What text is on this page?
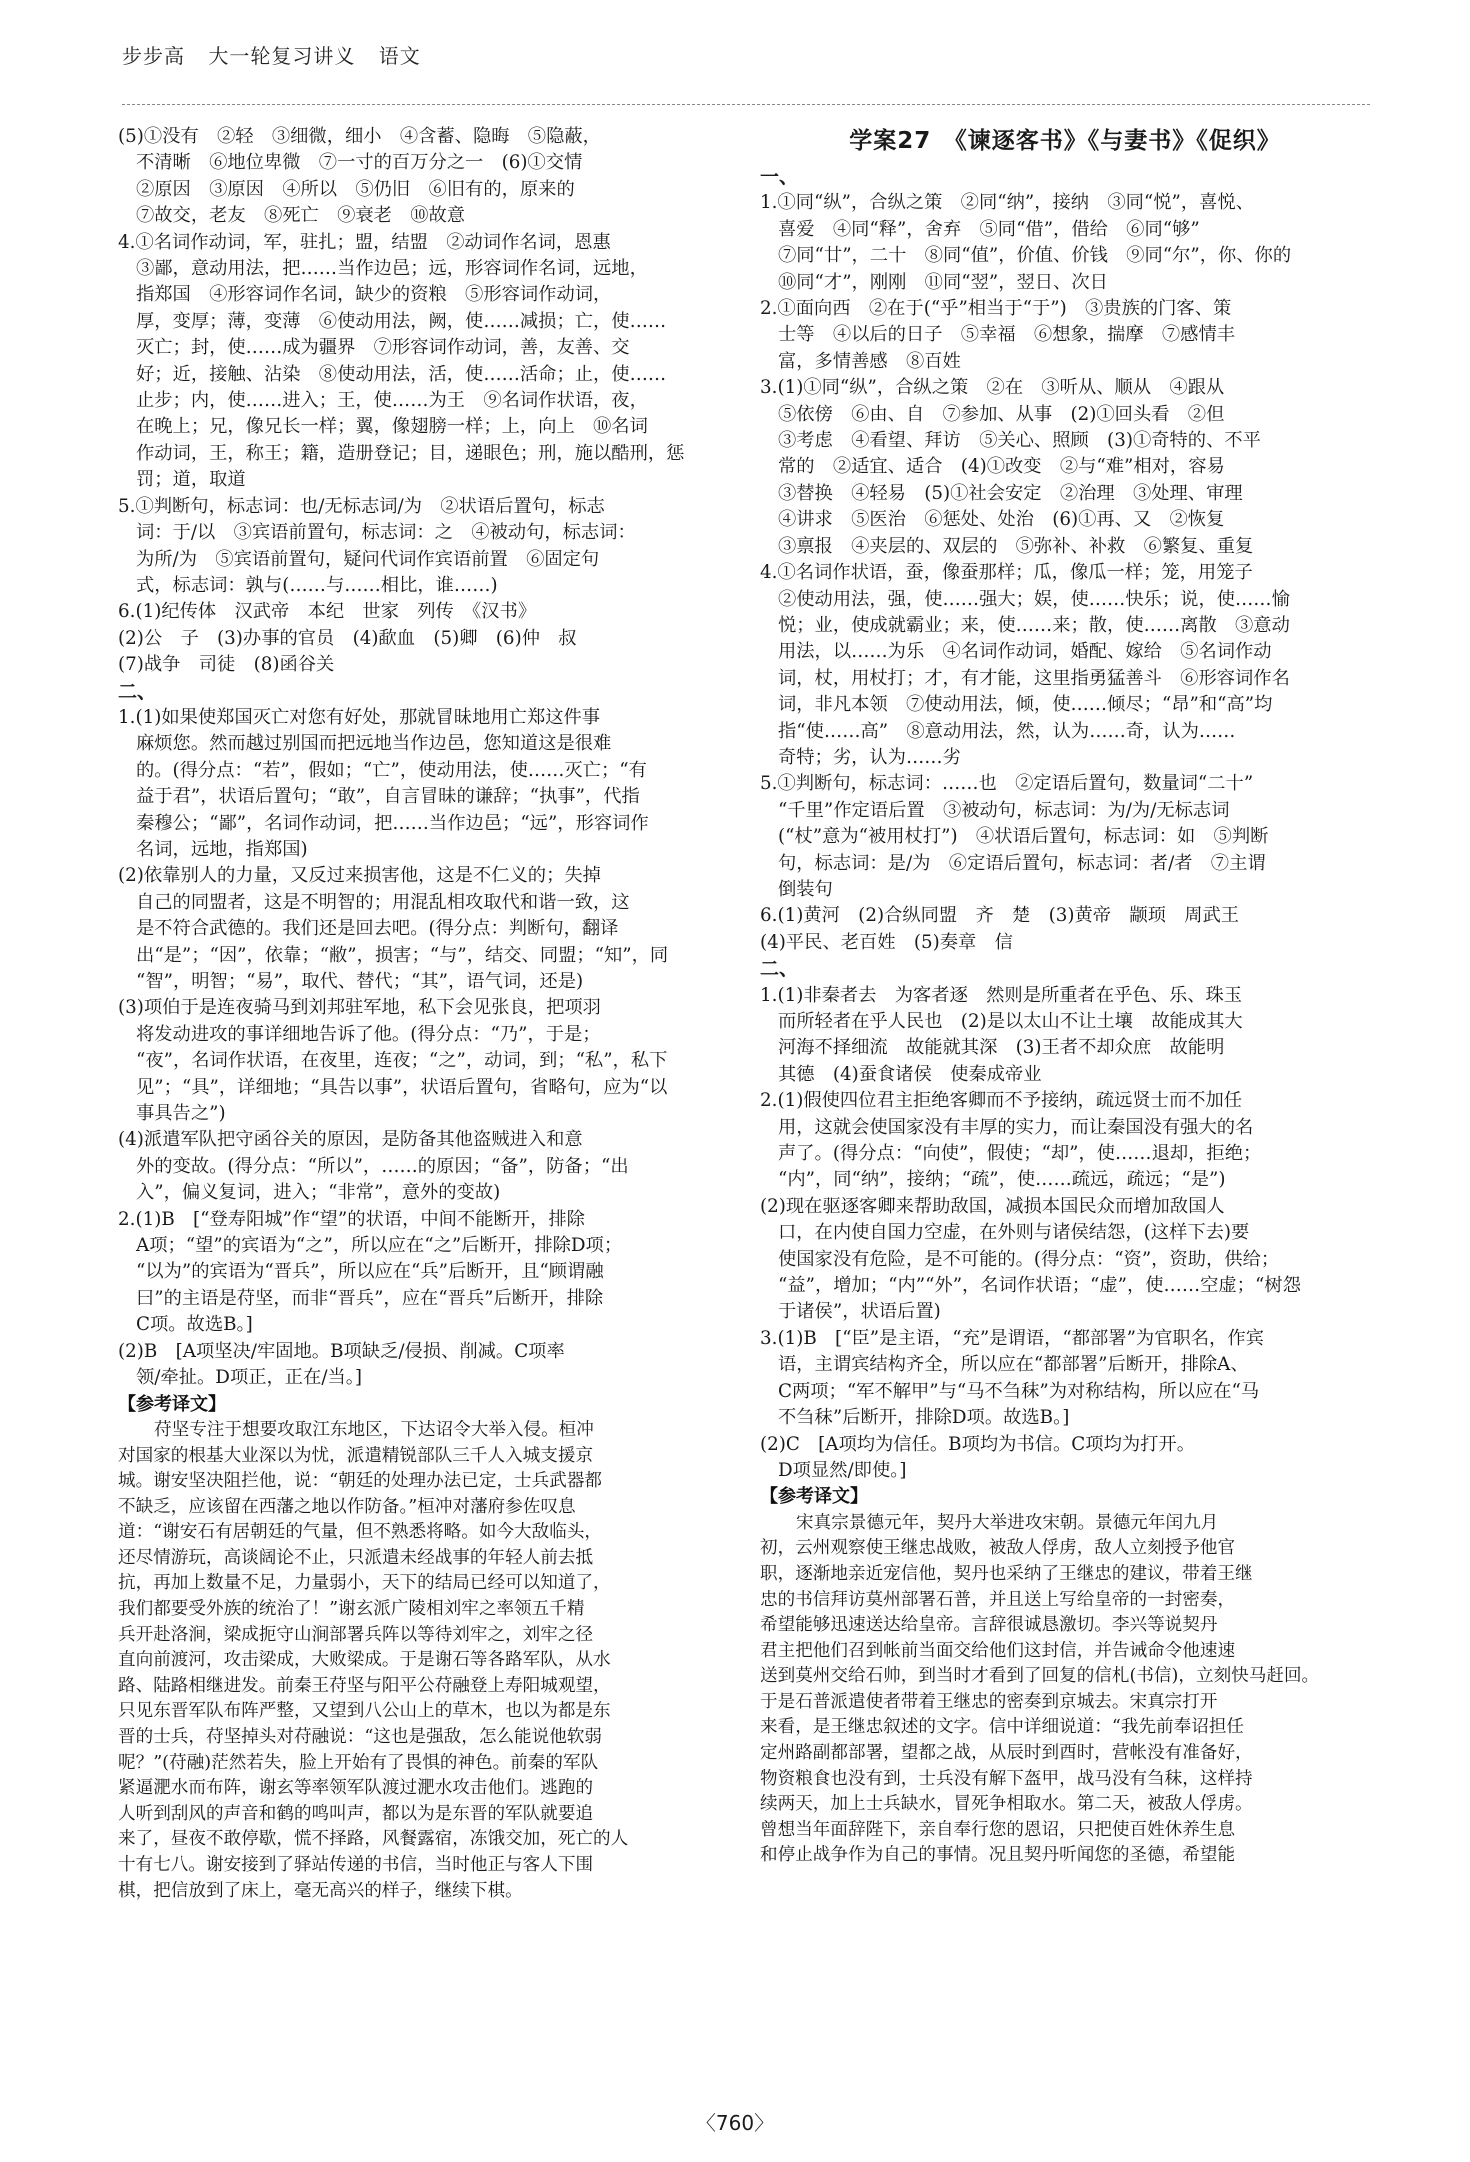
步步高 大一轮复习讲义 语文
(5)①没有　②轻　③细微，细小　④含蓄、隐晦　⑤隐蔽，
不清晰　⑥地位卑微　⑦一寸的百万分之一　(6)①交情
②原因　③原因　④所以　⑤仍旧　⑥旧有的，原来的
⑦故交，老友　⑧死亡　⑨衰老　⑩故意
4.①名词作动词，军，驻扎；盟，结盟　②动词作名词，恩惠
③鄙，意动用法，把……当作边邑；远，形容词作名词，远地，
指郑国　④形容词作名词，缺少的资粮　⑤形容词作动词，
厚，变厚；薄，变薄　⑥使动用法，阙，使……减损；亡，使……
灭亡；封，使……成为疆界　⑦形容词作动词，善，友善、交
好；近，接触、沾染　⑧使动用法，活，使……活命；止，使……
止步；内，使……进入；王，使……为王　⑨名词作状语，夜，
在晚上；兄，像兄长一样；翼，像翅膀一样；上，向上　⑩名词
作动词，王，称王；籍，造册登记；目，递眼色；刑，施以酷刑，惩
罚；道，取道
5.①判断句，标志词：也/无标志词/为　②状语后置句，标志
词：于/以　③宾语前置句，标志词：之　④被动句，标志词：
为所/为　⑤宾语前置句，疑问代词作宾语前置　⑥固定句
式，标志词：孰与(……与……相比，谁……)
6.(1)纪传体　汉武帝　本纪　世家　列传　《汉书》
(2)公　子　(3)办事的官员　(4)歃血　(5)卿　(6)仲　叔
(7)战争　司徒　(8)函谷关
二、
1.(1)如果使郑国灭亡对您有好处，那就冒昧地用亡郑这件事
麻烦您。然而越过别国而把远地当作边邑，您知道这是很难
的。(得分点：“若”，假如；“亡”，使动用法，使……灭亡；“有
益于君”，状语后置句；“敢”，自言冒昧的谦辞；“执事”，代指
秦穆公；“鄙”，名词作动词，把……当作边邑；“远”，形容词作
名词，远地，指郑国)
(2)依靠别人的力量，又反过来损害他，这是不仁义的；失掉
自己的同盟者，这是不明智的；用混乱相攻取代和谐一致，这
是不符合武德的。我们还是回去吧。(得分点：判断句，翻译
出“是”；“因”，依靠；“敝”，损害；“与”，结交、同盟；“知”，同
“智”，明智；“易”，取代、替代；“其”，语气词，还是)
(3)项伯于是连夜骑马到刘邦驻军地，私下会见张良，把项羽
将发动进攻的事详细地告诉了他。(得分点：“乃”，于是；
“夜”，名词作状语，在夜里，连夜；“之”，动词，到；“私”，私下
见”；“具”，详细地；“具告以事”，状语后置句，省略句，应为“以
事具告之”)
(4)派遣军队把守函谷关的原因，是防备其他盗贼进入和意
外的变故。(得分点：“所以”，……的原因；“备”，防备；“出
入”，偏义复词，进入；“非常”，意外的变故)
2.(1)B　[“登寿阳城”作“望”的状语，中间不能断开，排除
A项；“望”的宾语为“之”，所以应在“之”后断开，排除D项；
“以为”的宾语为“晋兵”，所以应在“兵”后断开，且“顾谓融
曰”的主语是苻坚，而非“晋兵”，应在“晋兵”后断开，排除
C项。故选B。]
(2)B　[A项坚决/牢固地。B项缺乏/侵损、削减。C项率
领/牵扯。D项正，正在/当。]
【参考译文】
苻坚专注于想要攻取江东地区，下达诏令大举入侵。桓冲
对国家的根基大业深以为忧，派遣精锐部队三千人入城支援京
城。谢安坚决阻拦他，说：“朝廷的处理办法已定，士兵武器都
不缺乏，应该留在西藩之地以作防备。”桓冲对藩府参佐叹息
道：“谢安石有居朝廷的气量，但不熟悉将略。如今大敌临头，
还尽情游玩，高谈阔论不止，只派遣未经战事的年轻人前去抵
抗，再加上数量不足，力量弱小，天下的结局已经可以知道了，
我们都要受外族的统治了！”谢玄派广陵相刘牢之率领五千精
兵开赴洛涧，梁成扼守山涧部署兵阵以等待刘牢之，刘牢之径
直向前渡河，攻击梁成，大败梁成。于是谢石等各路军队，从水
路、陆路相继进发。前秦王苻坚与阳平公苻融登上寿阳城观望，
只见东晋军队布阵严整，又望到八公山上的草木，也以为都是东
晋的士兵，苻坚掉头对苻融说：“这也是强敌，怎么能说他软弱
呢？”(苻融)茫然若失，脸上开始有了畏惧的神色。前秦的军队
紧逼淝水而布阵，谢玄等率领军队渡过淝水攻击他们。逃跑的
人听到刮风的声音和鹤的鸣叫声，都以为是东晋的军队就要追
来了，昼夜不敢停歇，慌不择路，风餐露宿，冻饿交加，死亡的人
十有七八。谢安接到了驿站传递的书信，当时他正与客人下围
棋，把信放到了床上，毫无高兴的样子，继续下棋。
学案27　《谏逐客书》《与妻书》《促织》
一、
1.①同“纵”，合纵之策　②同“纳”，接纳　③同“悦”，喜悦、
喜爱　④同“释”，舍弃　⑤同“借”，借给　⑥同“够”
⑦同“廿”，二十　⑧同“值”，价值、价钱　⑨同“尔”，你、你的
⑩同“才”，刚刚　⑪同“翌”，翌日、次日
2.①面向西　②在于(“乎”相当于“于”)　③贵族的门客、策
士等　④以后的日子　⑤幸福　⑥想象，揣摩　⑦感情丰
富，多情善感　⑧百姓
3.(1)①同“纵”，合纵之策　②在　③听从、顺从　④跟从
⑤依傍　⑥由、自　⑦参加、从事　(2)①回头看　②但
③考虑　④看望、拜访　⑤关心、照顾　(3)①奇特的、不平
常的　②适宜、适合　(4)①改变　②与“难”相对，容易
③替换　④轻易　(5)①社会安定　②治理　③处理、审理
④讲求　⑤医治　⑥惩处、处治　(6)①再、又　②恢复
③禀报　④夹层的、双层的　⑤弥补、补救　⑥繁复、重复
4.①名词作状语，蚕，像蚕那样；瓜，像瓜一样；笼，用笼子
②使动用法，强，使……强大；娱，使……快乐；说，使……愉
悦；业，使成就霸业；来，使……来；散，使……离散　③意动
用法，以……为乐　④名词作动词，婚配、嫁给　⑤名词作动
词，杖，用杖打；才，有才能，这里指勇猛善斗　⑥形容词作名
词，非凡本领　⑦使动用法，倾，使……倾尽；“昂”和“高”均
指“使……高”　⑧意动用法，然，认为……奇，认为……
奇特；劣，认为……劣
5.①判断句，标志词：……也　②定语后置句，数量词“二十”
“千里”作定语后置　③被动句，标志词：为/为/无标志词
(“杖”意为“被用杖打”)　④状语后置句，标志词：如　⑤判断
句，标志词：是/为　⑥定语后置句，标志词：者/者　⑦主谓
倒装句
6.(1)黄河　(2)合纵同盟　齐　楚　(3)黄帝　颛顼　周武王
(4)平民、老百姓　(5)奏章　信
二、
1.(1)非秦者去　为客者逐　然则是所重者在乎色、乐、珠玉
而所轻者在乎人民也　(2)是以太山不让土壤　故能成其大
河海不择细流　故能就其深　(3)王者不却众庶　故能明
其德　(4)蚕食诸侯　使秦成帝业
2.(1)假使四位君主拒绝客卿而不予接纳，疏远贤士而不加任
用，这就会使国家没有丰厚的实力，而让秦国没有强大的名
声了。(得分点：“向使”，假使；“却”，使……退却，拒绝；
“内”，同“纳”，接纳；“疏”，使……疏远，疏远；“是”)
(2)现在驱逐客卿来帮助敌国，减损本国民众而增加敌国人
口，在内使自国力空虚，在外则与诸侯结怨，(这样下去)要
使国家没有危险，是不可能的。(得分点：“资”，资助，供给；
“益”，增加；“内”“外”，名词作状语；“虚”，使……空虚；“树怨
于诸侯”，状语后置)
3.(1)B　[“臣”是主语，“充”是谓语，“都部署”为官职名，作宾
语，主谓宾结构齐全，所以应在“都部署”后断开，排除A、
C两项；“军不解甲”与“马不刍秣”为对称结构，所以应在“马
不刍秣”后断开，排除D项。故选B。]
(2)C　[A项均为信任。B项均为书信。C项均为打开。
D项显然/即使。]
【参考译文】
宋真宗景德元年，契丹大举进攻宋朝。景德元年闰九月
初，云州观察使王继忠战败，被敌人俘虏，敌人立刻授予他官
职，逐渐地亲近宠信他，契丹也采纳了王继忠的建议，带着王继
忠的书信拜访莫州部署石普，并且送上写给皇帝的一封密奏，
希望能够迅速送达给皇帝。言辞很诚恳激切。李兴等说契丹
君主把他们召到帐前当面交给他们这封信，并告诫命令他速速
送到莫州交给石帅，到当时才看到了回复的信札(书信)，立刻快马赶回。
于是石普派遣使者带着王继忠的密奏到京城去。宋真宗打开
来看，是王继忠叙述的文字。信中详细说道：“我先前奉诏担任
定州路副都部署，望都之战，从辰时到酉时，营帐没有准备好，
物资粮食也没有到，士兵没有解下盔甲，战马没有刍秣，这样持
续两天，加上士兵缺水，冒死争相取水。第二天，被敌人俘虏。
曾想当年面辞陛下，亲自奉行您的恩诏，只把使百姓休养生息
和停止战争作为自己的事情。况且契丹听闻您的圣德，希望能
〈760〉
